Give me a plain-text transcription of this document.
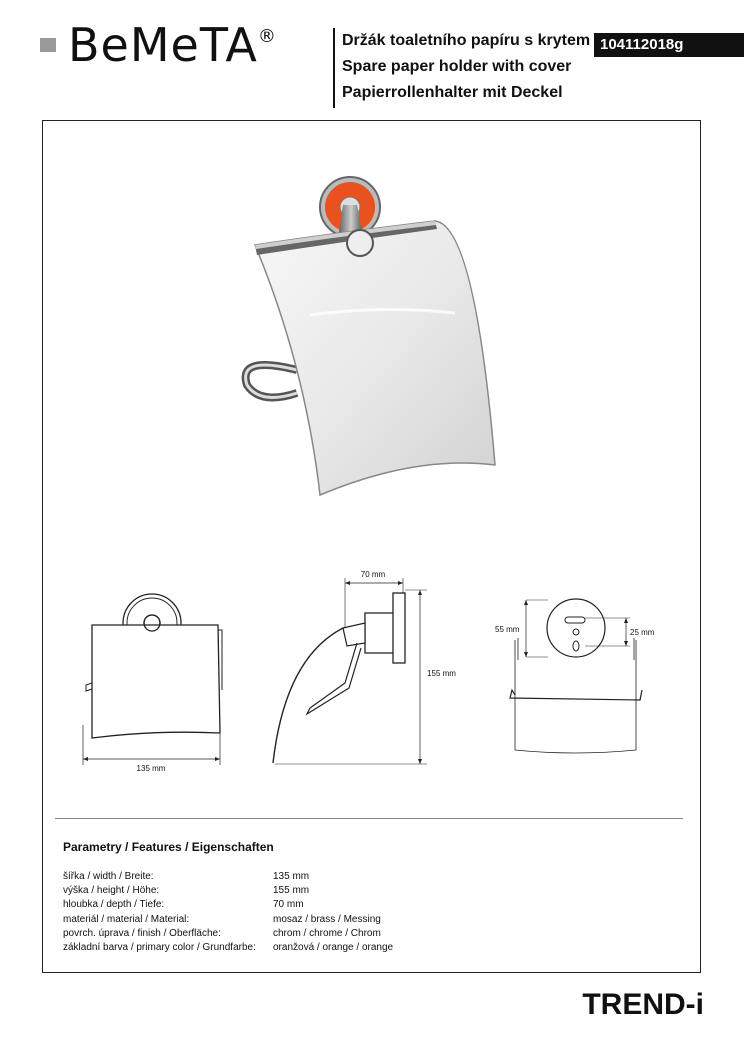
BeMeTA®	Držák toaletního papíru s krytem
Spare paper holder with cover
Papierrollenhalter mit Deckel
104112018g
135 mm
70 mm
155 mm
55 mm	25 mm
Parametry / Features / Eigenschaften
šířka / width / Breite:	135 mm
výška / height / Höhe:	155 mm
hloubka / depth / Tiefe:	70 mm
materiál / material / Material:	mosaz / brass / Messing
povrch. úprava / finish / Oberfläche:	chrom / chrome / Chrom
základní barva / primary color / Grundfarbe:	oranžová / orange / orange
TREND-i
